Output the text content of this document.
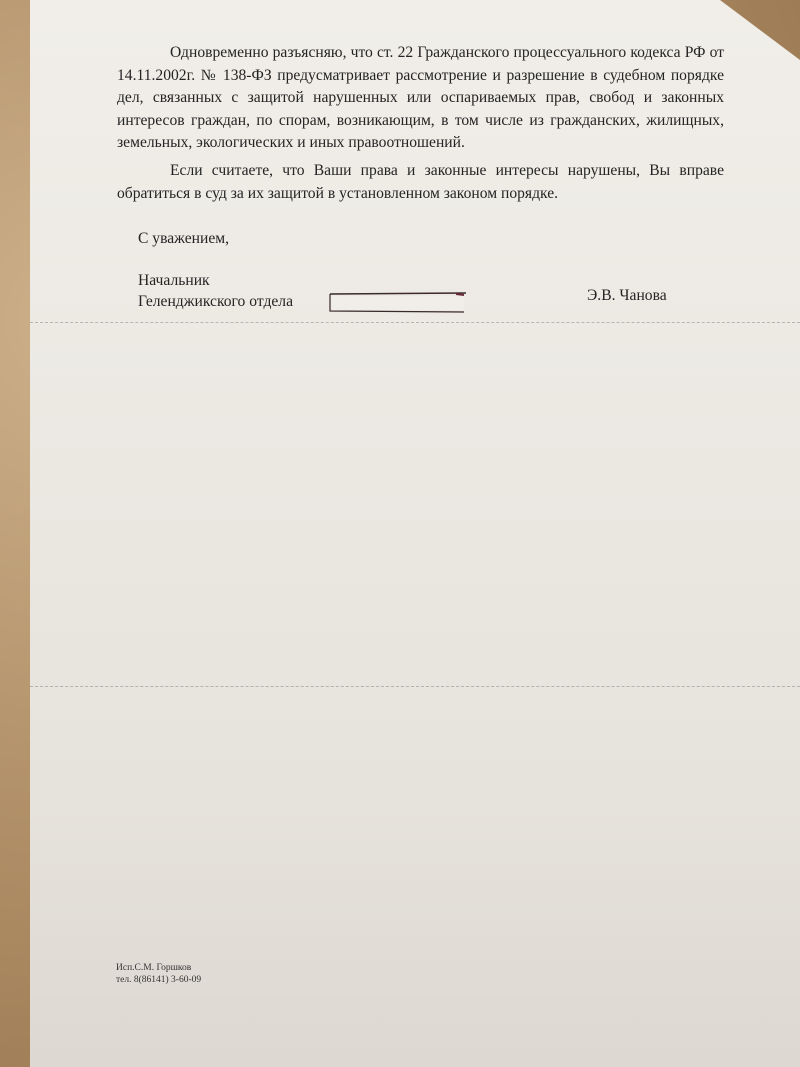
Одновременно разъясняю, что ст. 22 Гражданского процессуального кодекса РФ от 14.11.2002г. № 138-ФЗ предусматривает рассмотрение и разрешение в судебном порядке дел, связанных с защитой нарушенных или оспариваемых прав, свобод и законных интересов граждан, по спорам, возникающим, в том числе из гражданских, жилищных, земельных, экологических и иных правоотношений.

Если считаете, что Ваши права и законные интересы нарушены, Вы вправе обратиться в суд за их защитой в установленном законом порядке.

С уважением,
Начальник
Геленджикского отдела	Э.В. Чанова
Исп.С.М. Горшков
тел. 8(86141) 3-60-09
